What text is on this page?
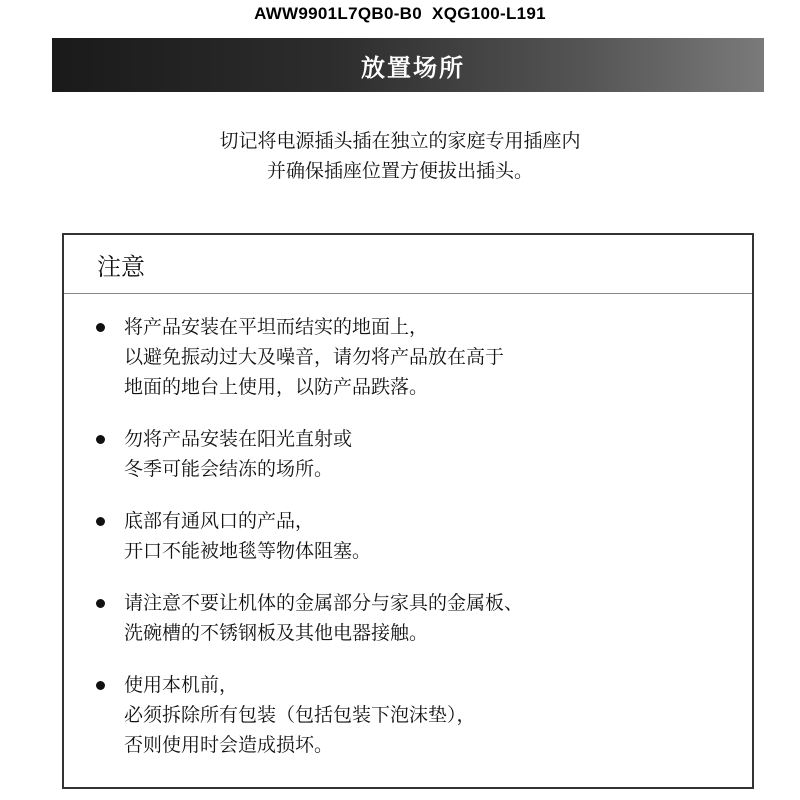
AWW9901L7QB0-B0  XQG100-L191
放置场所
切记将电源插头插在独立的家庭专用插座内
并确保插座位置方便拔出插头。
注意
将产品安装在平坦而结实的地面上，
以避免振动过大及噪音，请勿将产品放在高于
地面的地台上使用，以防产品跌落。
勿将产品安装在阳光直射或
冬季可能会结冻的场所。
底部有通风口的产品，
开口不能被地毯等物体阻塞。
请注意不要让机体的金属部分与家具的金属板、
洗碗槽的不锈钢板及其他电器接触。
使用本机前，
必须拆除所有包装（包括包装下泡沫垫），
否则使用时会造成损坏。
